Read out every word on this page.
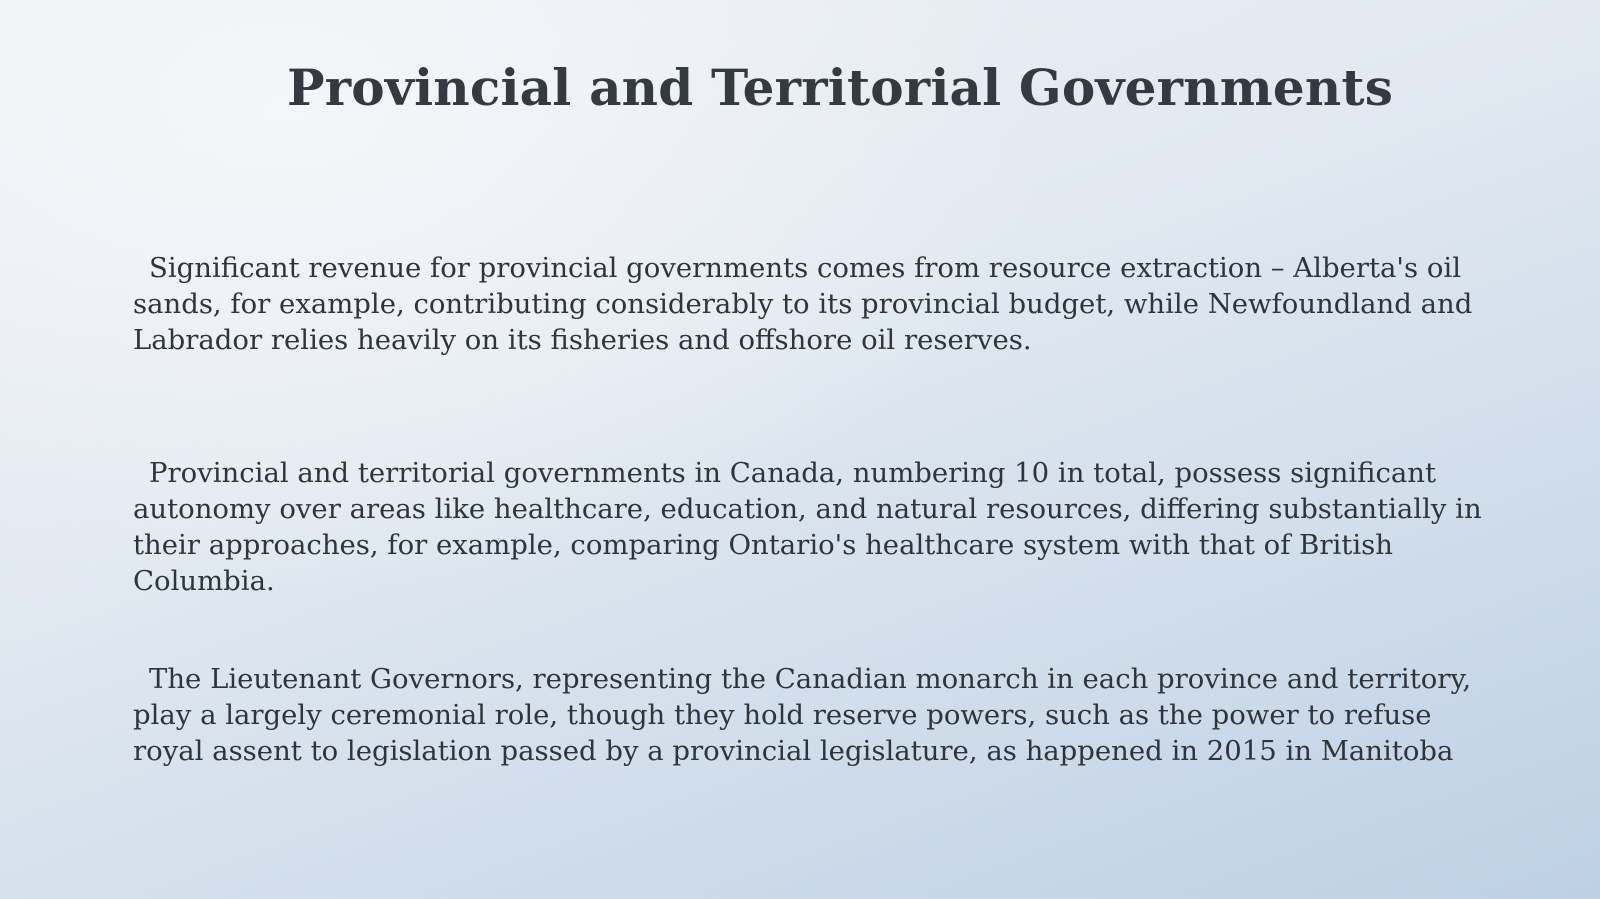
Provincial and Territorial Governments

Significant revenue for provincial governments comes from resource extraction – Alberta's oil sands, for example, contributing considerably to its provincial budget, while Newfoundland and Labrador relies heavily on its fisheries and offshore oil reserves.

Provincial and territorial governments in Canada, numbering 10 in total, possess significant autonomy over areas like healthcare, education, and natural resources, differing substantially in their approaches, for example, comparing Ontario's healthcare system with that of British Columbia.

The Lieutenant Governors, representing the Canadian monarch in each province and territory, play a largely ceremonial role, though they hold reserve powers, such as the power to refuse royal assent to legislation passed by a provincial legislature, as happened in 2015 in Manitoba
